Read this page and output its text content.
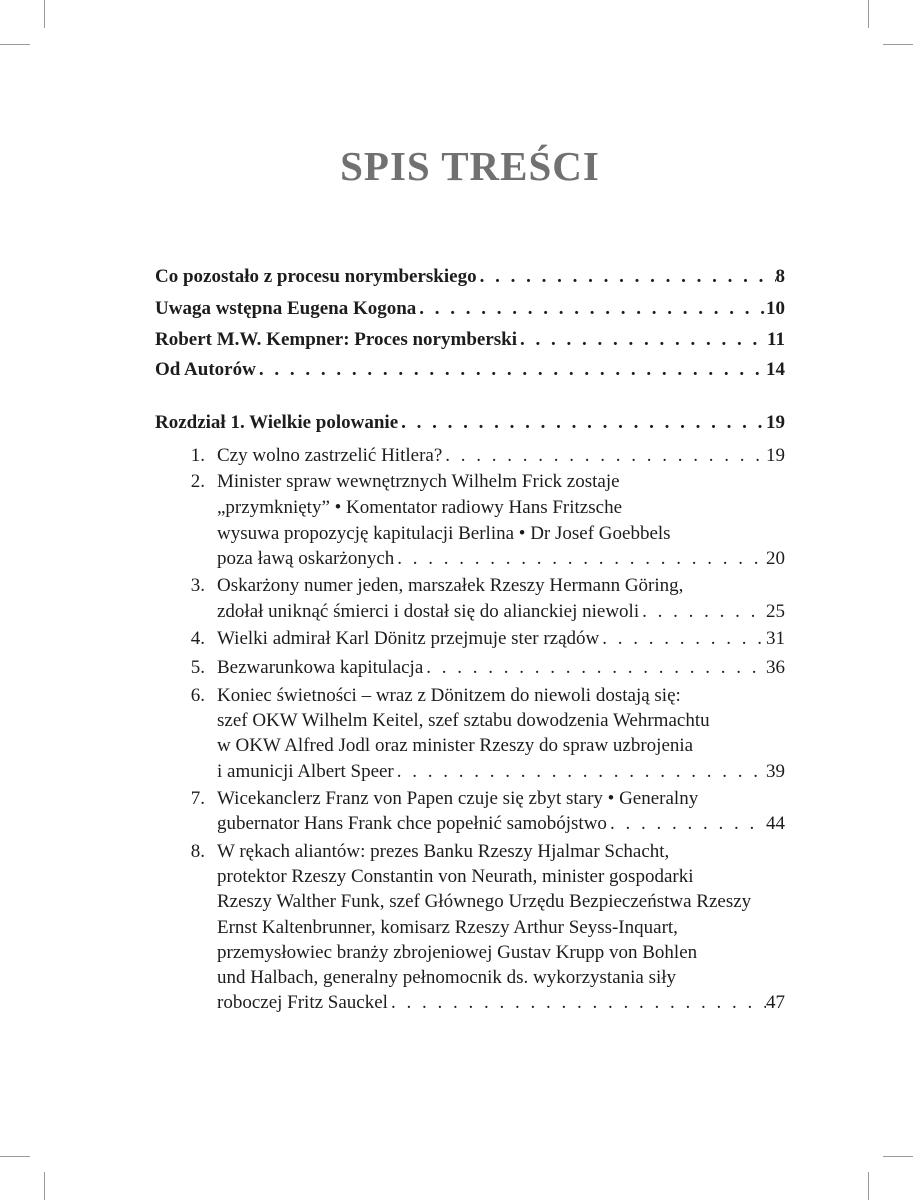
SPIS TREŚCI
Co pozostało z procesu norymberskiego . . .	8
Uwaga wstępna Eugena Kogona . . .	10
Robert M.W. Kempner: Proces norymberski . . .	11
Od Autorów . . .	14
Rozdział 1. Wielkie polowanie . . .	19
1. Czy wolno zastrzelić Hitlera? . . .	19
2. Minister spraw wewnętrznych Wilhelm Frick zostaje
„przymknięty” • Komentator radiowy Hans Fritzsche
wysuwa propozycję kapitulacji Berlina • Dr Josef Goebbels
poza ławą oskarżonych . . .	20
3. Oskarżony numer jeden, marszałek Rzeszy Hermann Göring,
zdołał uniknąć śmierci i dostał się do alianckiej niewoli . . .	25
4. Wielki admirał Karl Dönitz przejmuje ster rządów . . .	31
5. Bezwarunkowa kapitulacja . . .	36
6. Koniec świetności – wraz z Dönitzem do niewoli dostają się:
szef OKW Wilhelm Keitel, szef sztabu dowodzenia Wehrmachtu
w OKW Alfred Jodl oraz minister Rzeszy do spraw uzbrojenia
i amunicji Albert Speer . . .	39
7. Wicekanclerz Franz von Papen czuje się zbyt stary • Generalny
gubernator Hans Frank chce popełnić samobójstwo . . .	44
8. W rękach aliantów: prezes Banku Rzeszy Hjalmar Schacht,
protektor Rzeszy Constantin von Neurath, minister gospodarki
Rzeszy Walther Funk, szef Głównego Urzędu Bezpieczeństwa Rzeszy
Ernst Kaltenbrunner, komisarz Rzeszy Arthur Seyss-Inquart,
przemysłowiec branży zbrojeniowej Gustav Krupp von Bohlen
und Halbach, generalny pełnomocnik ds. wykorzystania siły
roboczej Fritz Sauckel . . .	47
